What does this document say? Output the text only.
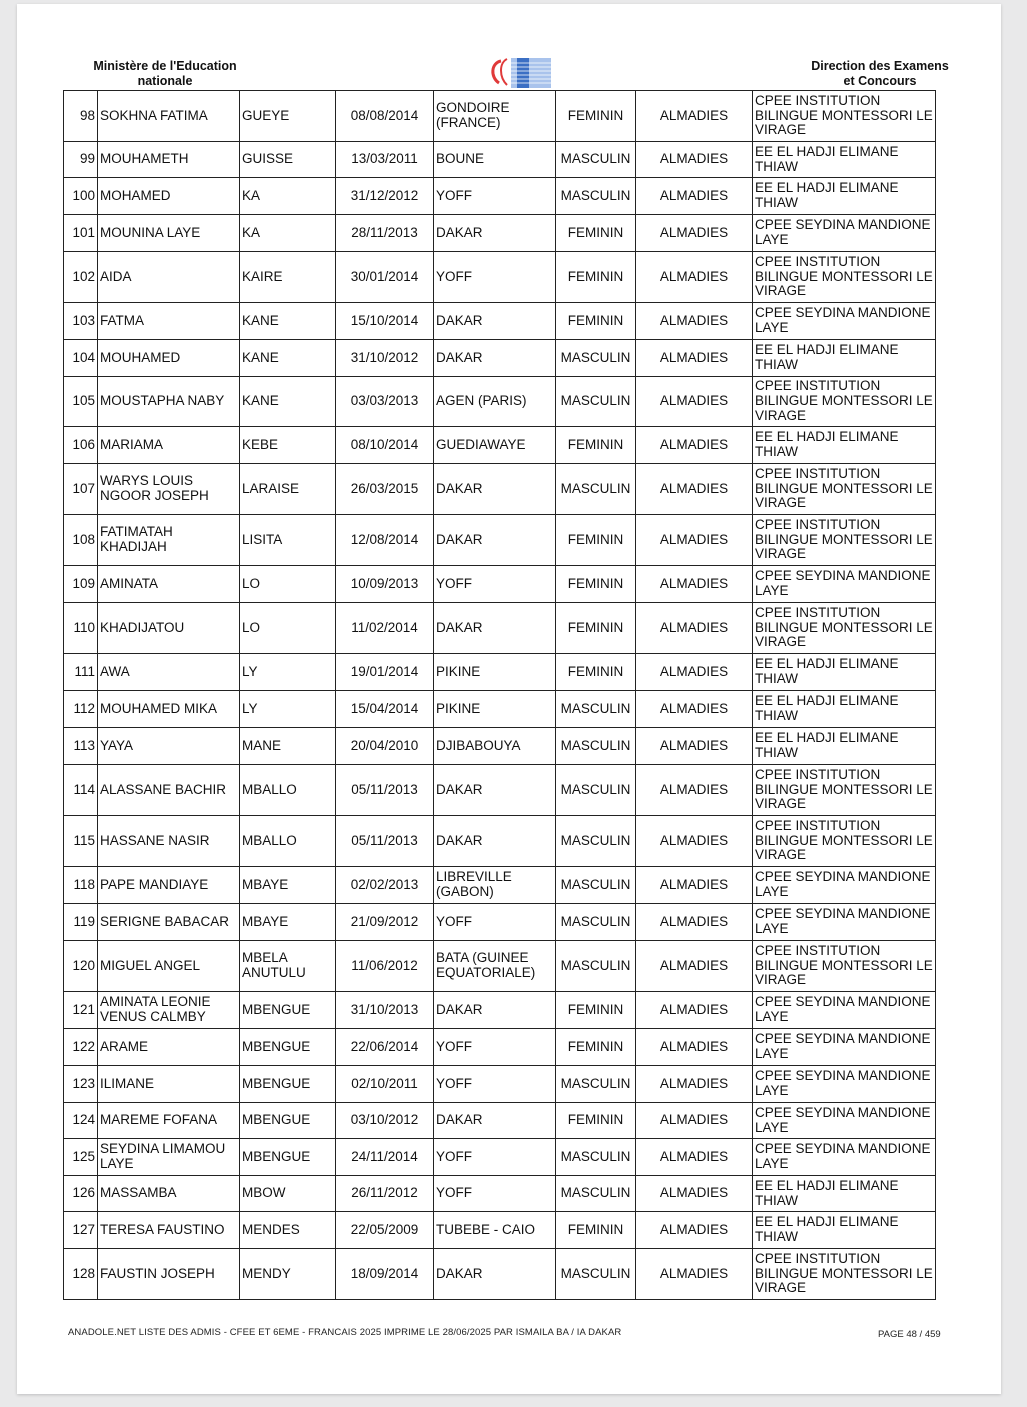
Ministère de l'Education
nationale
Direction des Examens
et Concours
98	SOKHNA FATIMA	GUEYE	08/08/2014	GONDOIRE (FRANCE)	FEMININ	ALMADIES	CPEE INSTITUTION BILINGUE MONTESSORI LE VIRAGE
99	MOUHAMETH	GUISSE	13/03/2011	BOUNE	MASCULIN	ALMADIES	EE EL HADJI ELIMANE THIAW
100	MOHAMED	KA	31/12/2012	YOFF	MASCULIN	ALMADIES	EE EL HADJI ELIMANE THIAW
101	MOUNINA LAYE	KA	28/11/2013	DAKAR	FEMININ	ALMADIES	CPEE SEYDINA MANDIONE LAYE
102	AIDA	KAIRE	30/01/2014	YOFF	FEMININ	ALMADIES	CPEE INSTITUTION BILINGUE MONTESSORI LE VIRAGE
103	FATMA	KANE	15/10/2014	DAKAR	FEMININ	ALMADIES	CPEE SEYDINA MANDIONE LAYE
104	MOUHAMED	KANE	31/10/2012	DAKAR	MASCULIN	ALMADIES	EE EL HADJI ELIMANE THIAW
105	MOUSTAPHA NABY	KANE	03/03/2013	AGEN (PARIS)	MASCULIN	ALMADIES	CPEE INSTITUTION BILINGUE MONTESSORI LE VIRAGE
106	MARIAMA	KEBE	08/10/2014	GUEDIAWAYE	FEMININ	ALMADIES	EE EL HADJI ELIMANE THIAW
107	WARYS LOUIS NGOOR JOSEPH	LARAISE	26/03/2015	DAKAR	MASCULIN	ALMADIES	CPEE INSTITUTION BILINGUE MONTESSORI LE VIRAGE
108	FATIMATAH KHADIJAH	LISITA	12/08/2014	DAKAR	FEMININ	ALMADIES	CPEE INSTITUTION BILINGUE MONTESSORI LE VIRAGE
109	AMINATA	LO	10/09/2013	YOFF	FEMININ	ALMADIES	CPEE SEYDINA MANDIONE LAYE
110	KHADIJATOU	LO	11/02/2014	DAKAR	FEMININ	ALMADIES	CPEE INSTITUTION BILINGUE MONTESSORI LE VIRAGE
111	AWA	LY	19/01/2014	PIKINE	FEMININ	ALMADIES	EE EL HADJI ELIMANE THIAW
112	MOUHAMED MIKA	LY	15/04/2014	PIKINE	MASCULIN	ALMADIES	EE EL HADJI ELIMANE THIAW
113	YAYA	MANE	20/04/2010	DJIBABOUYA	MASCULIN	ALMADIES	EE EL HADJI ELIMANE THIAW
114	ALASSANE BACHIR	MBALLO	05/11/2013	DAKAR	MASCULIN	ALMADIES	CPEE INSTITUTION BILINGUE MONTESSORI LE VIRAGE
115	HASSANE NASIR	MBALLO	05/11/2013	DAKAR	MASCULIN	ALMADIES	CPEE INSTITUTION BILINGUE MONTESSORI LE VIRAGE
118	PAPE MANDIAYE	MBAYE	02/02/2013	LIBREVILLE (GABON)	MASCULIN	ALMADIES	CPEE SEYDINA MANDIONE LAYE
119	SERIGNE BABACAR	MBAYE	21/09/2012	YOFF	MASCULIN	ALMADIES	CPEE SEYDINA MANDIONE LAYE
120	MIGUEL ANGEL	MBELA ANUTULU	11/06/2012	BATA (GUINEE EQUATORIALE)	MASCULIN	ALMADIES	CPEE INSTITUTION BILINGUE MONTESSORI LE VIRAGE
121	AMINATA LEONIE VENUS CALMBY	MBENGUE	31/10/2013	DAKAR	FEMININ	ALMADIES	CPEE SEYDINA MANDIONE LAYE
122	ARAME	MBENGUE	22/06/2014	YOFF	FEMININ	ALMADIES	CPEE SEYDINA MANDIONE LAYE
123	ILIMANE	MBENGUE	02/10/2011	YOFF	MASCULIN	ALMADIES	CPEE SEYDINA MANDIONE LAYE
124	MAREME FOFANA	MBENGUE	03/10/2012	DAKAR	FEMININ	ALMADIES	CPEE SEYDINA MANDIONE LAYE
125	SEYDINA LIMAMOU LAYE	MBENGUE	24/11/2014	YOFF	MASCULIN	ALMADIES	CPEE SEYDINA MANDIONE LAYE
126	MASSAMBA	MBOW	26/11/2012	YOFF	MASCULIN	ALMADIES	EE EL HADJI ELIMANE THIAW
127	TERESA FAUSTINO	MENDES	22/05/2009	TUBEBE - CAIO	FEMININ	ALMADIES	EE EL HADJI ELIMANE THIAW
128	FAUSTIN JOSEPH	MENDY	18/09/2014	DAKAR	MASCULIN	ALMADIES	CPEE INSTITUTION BILINGUE MONTESSORI LE VIRAGE
ANADOLE.NET LISTE DES ADMIS - CFEE ET 6EME - FRANCAIS 2025 IMPRIME LE 28/06/2025 PAR ISMAILA BA / IA DAKAR	PAGE 48 / 459
